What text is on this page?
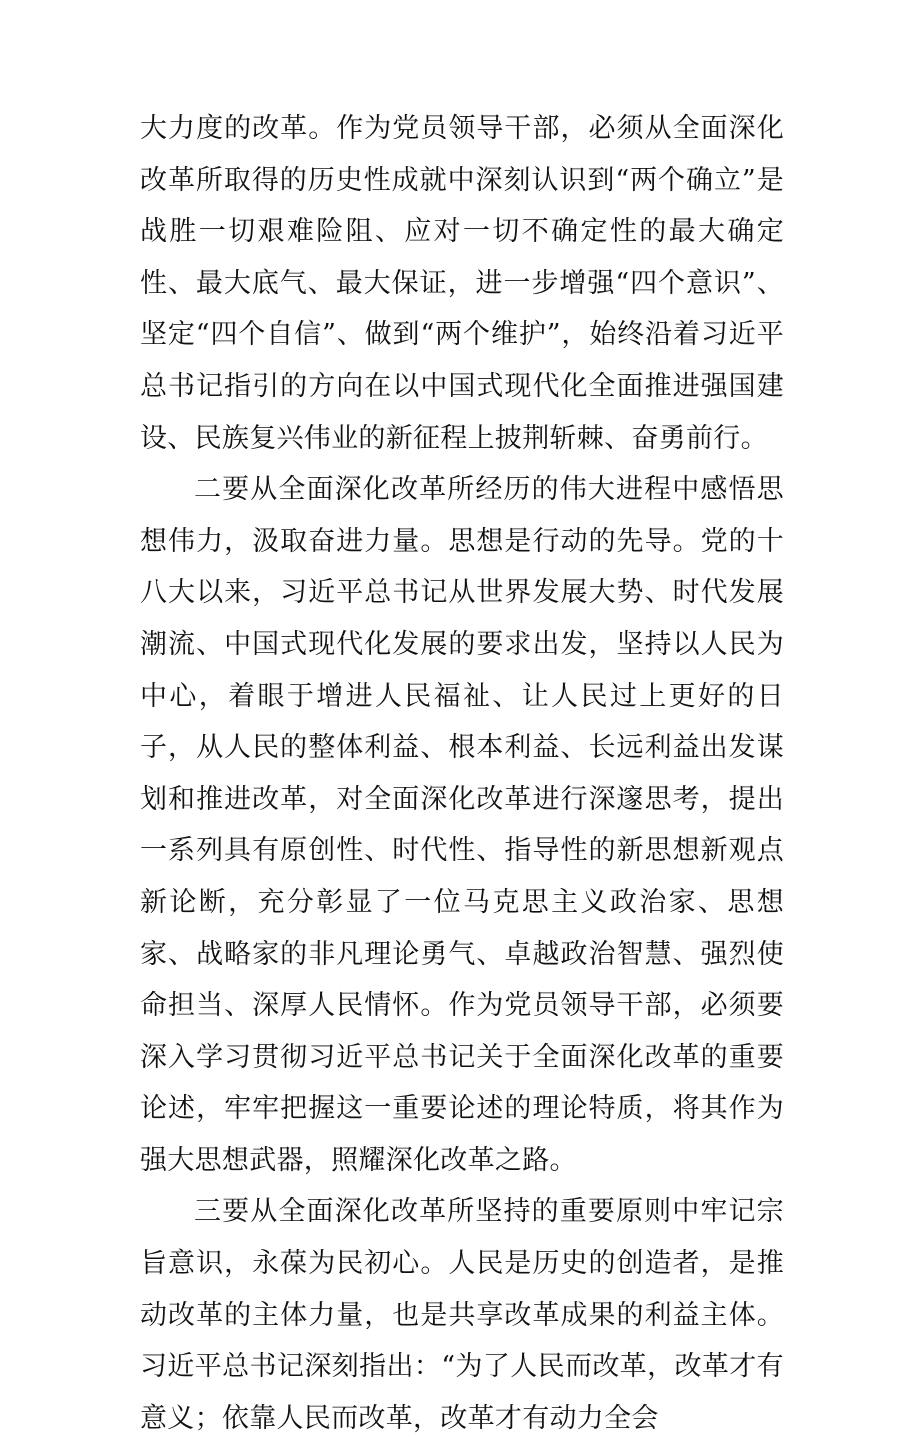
大力度的改革。作为党员领导干部，必须从全面深化改革所取得的历史性成就中深刻认识到“两个确立”是战胜一切艰难险阻、应对一切不确定性的最大确定性、最大底气、最大保证，进一步增强“四个意识”、坚定“四个自信”、做到“两个维护”，始终沿着习近平总书记指引的方向在以中国式现代化全面推进强国建设、民族复兴伟业的新征程上披荆斩棘、奋勇前行。

二要从全面深化改革所经历的伟大进程中感悟思想伟力，汲取奋进力量。思想是行动的先导。党的十八大以来，习近平总书记从世界发展大势、时代发展潮流、中国式现代化发展的要求出发，坚持以人民为中心，着眼于增进人民福祉、让人民过上更好的日子，从人民的整体利益、根本利益、长远利益出发谋划和推进改革，对全面深化改革进行深邃思考，提出一系列具有原创性、时代性、指导性的新思想新观点新论断，充分彰显了一位马克思主义政治家、思想家、战略家的非凡理论勇气、卓越政治智慧、强烈使命担当、深厚人民情怀。作为党员领导干部，必须要深入学习贯彻习近平总书记关于全面深化改革的重要论述，牢牢把握这一重要论述的理论特质，将其作为强大思想武器，照耀深化改革之路。

三要从全面深化改革所坚持的重要原则中牢记宗旨意识，永葆为民初心。人民是历史的创造者，是推动改革的主体力量，也是共享改革成果的利益主体。习近平总书记深刻指出：“为了人民而改革，改革才有意义；依靠人民而改革，改革才有动力全会
